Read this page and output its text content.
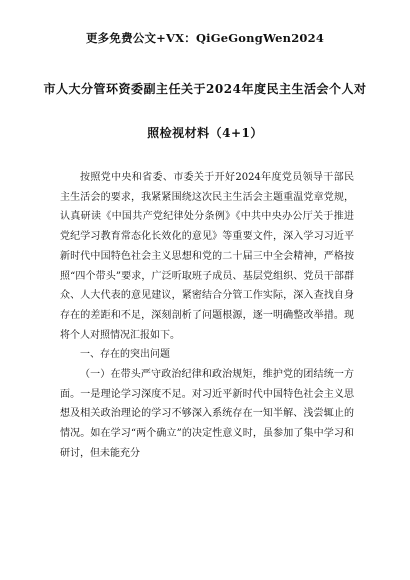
更多免费公文+VX：QiGeGongWen2024
市人大分管环资委副主任关于2024年度民主生活会个人对
照检视材料（4+1）

按照党中央和省委、市委关于开好2024年度党员领导干部民主生活会的要求，我紧紧围绕这次民主生活会主题重温党章党规，认真研读《中国共产党纪律处分条例》《中共中央办公厅关于推进党纪学习教育常态化长效化的意见》等重要文件，深入学习习近平新时代中国特色社会主义思想和党的二十届三中全会精神，严格按照“四个带头”要求，广泛听取班子成员、基层党组织、党员干部群众、人大代表的意见建议，紧密结合分管工作实际，深入查找自身存在的差距和不足，深刻剖析了问题根源，逐一明确整改举措。现将个人对照情况汇报如下。

一、存在的突出问题

（一）在带头严守政治纪律和政治规矩，维护党的团结统一方面。一是理论学习深度不足。对习近平新时代中国特色社会主义思想及相关政治理论的学习不够深入系统存在一知半解、浅尝辄止的情况。如在学习“两个确立”的决定性意义时，虽参加了集中学习和研讨，但未能充分
